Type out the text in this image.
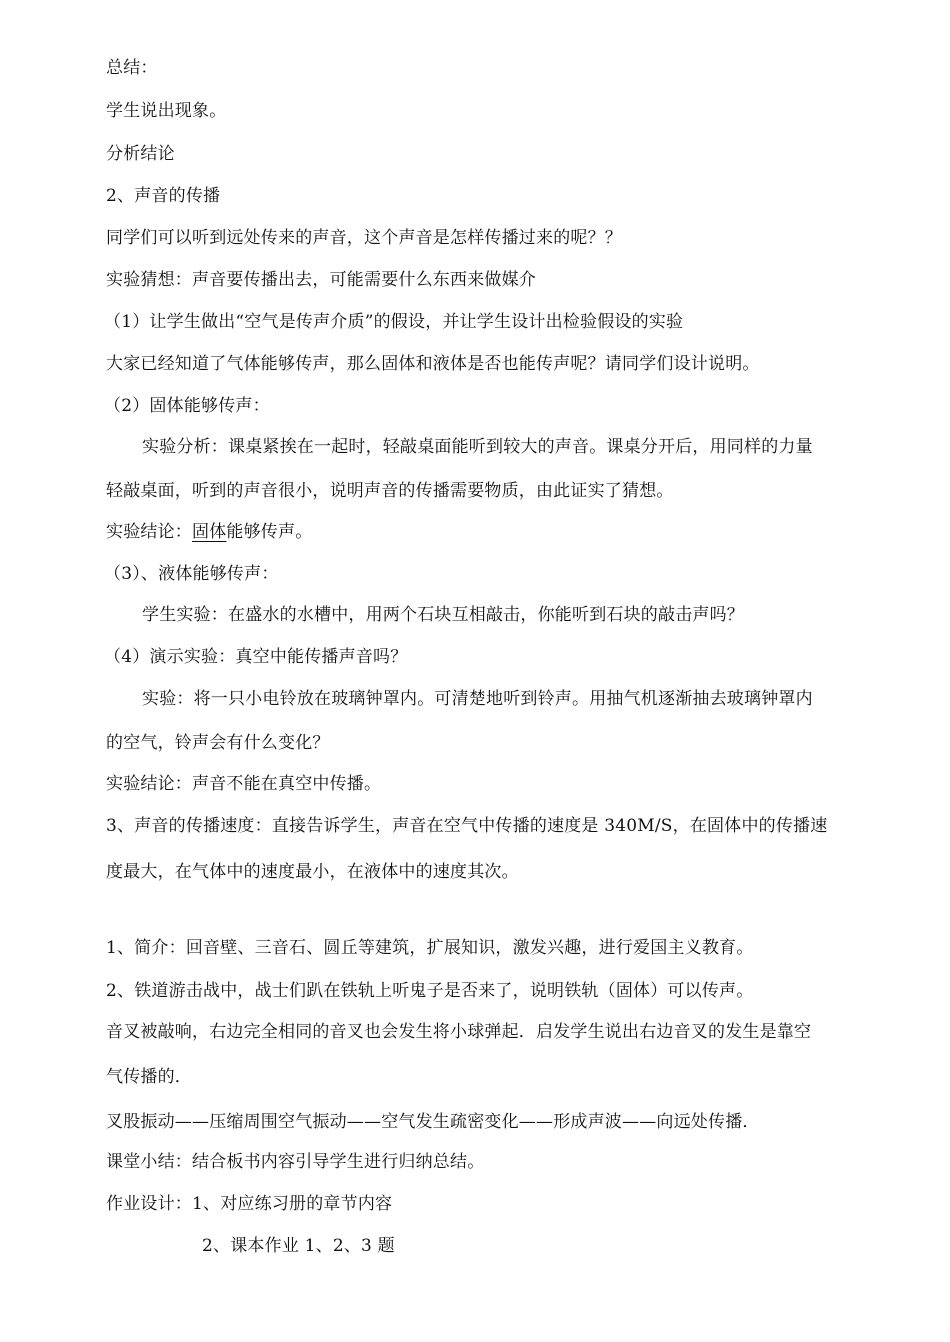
总结：
学生说出现象。
分析结论
2、声音的传播
同学们可以听到远处传来的声音，这个声音是怎样传播过来的呢？？
实验猜想：声音要传播出去，可能需要什么东西来做媒介
（1）让学生做出“空气是传声介质”的假设，并让学生设计出检验假设的实验
大家已经知道了气体能够传声，那么固体和液体是否也能传声呢？请同学们设计说明。
（2）固体能够传声：
实验分析：课桌紧挨在一起时，轻敲桌面能听到较大的声音。课桌分开后，用同样的力量
轻敲桌面，听到的声音很小，说明声音的传播需要物质，由此证实了猜想。
实验结论：固体能够传声。
（3）、液体能够传声：
学生实验：在盛水的水槽中，用两个石块互相敲击，你能听到石块的敲击声吗？
（4）演示实验：真空中能传播声音吗？
实验：将一只小电铃放在玻璃钟罩内。可清楚地听到铃声。用抽气机逐渐抽去玻璃钟罩内
的空气，铃声会有什么变化？
实验结论：声音不能在真空中传播。
3、声音的传播速度：直接告诉学生，声音在空气中传播的速度是 340M/S，在固体中的传播速
度最大，在气体中的速度最小，在液体中的速度其次。
1、简介：回音壁、三音石、圆丘等建筑，扩展知识，激发兴趣，进行爱国主义教育。
2、铁道游击战中，战士们趴在铁轨上听鬼子是否来了，说明铁轨（固体）可以传声。
音叉被敲响，右边完全相同的音叉也会发生将小球弹起．启发学生说出右边音叉的发生是靠空
气传播的．
叉股振动——压缩周围空气振动——空气发生疏密变化——形成声波——向远处传播．
课堂小结：结合板书内容引导学生进行归纳总结。
作业设计：1、对应练习册的章节内容
2、课本作业 1、2、3 题
